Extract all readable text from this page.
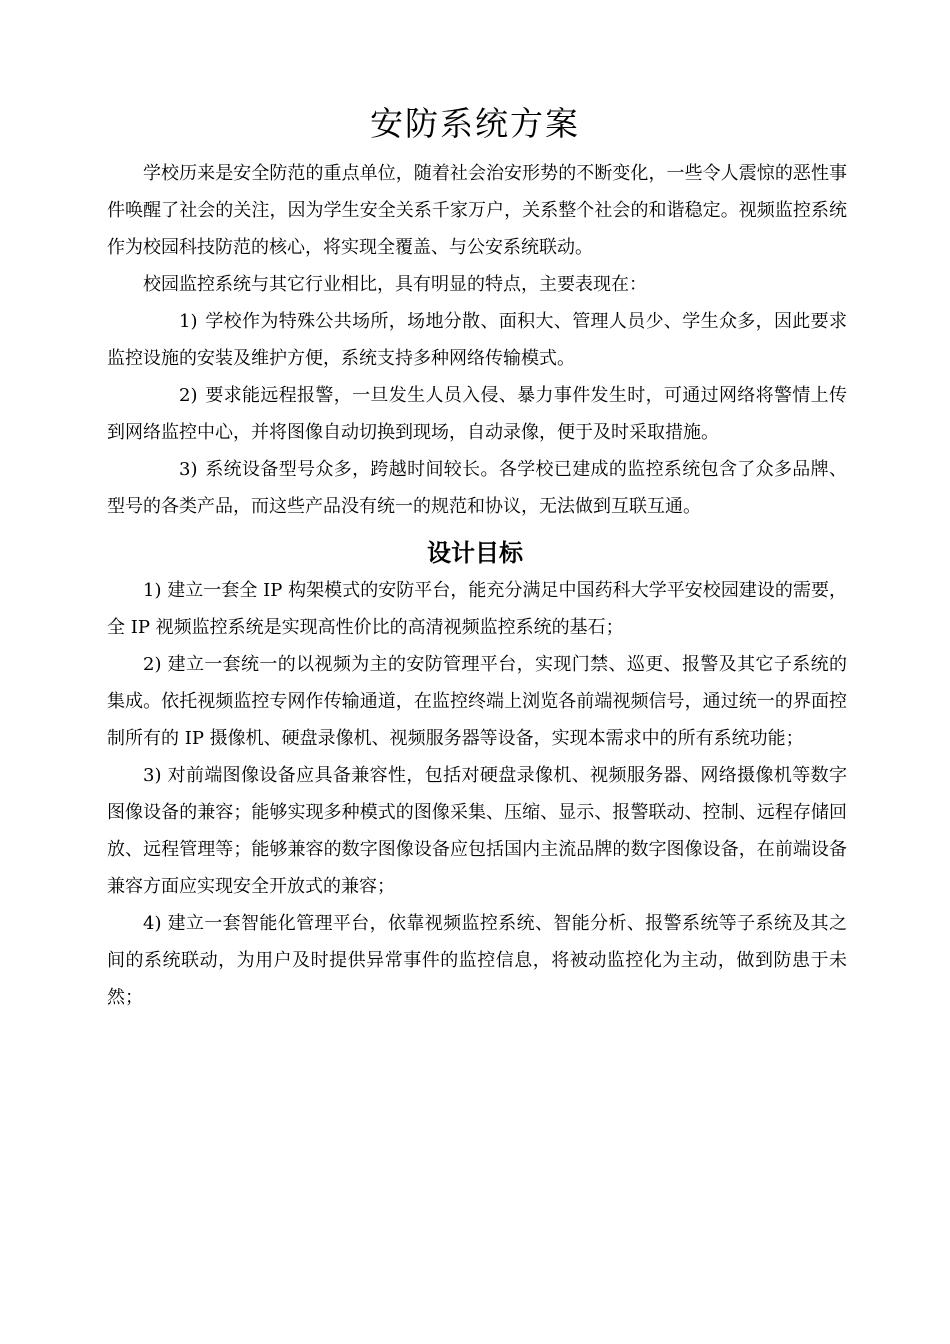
安防系统方案

学校历来是安全防范的重点单位，随着社会治安形势的不断变化，一些令人震惊的恶性事件唤醒了社会的关注，因为学生安全关系千家万户，关系整个社会的和谐稳定。视频监控系统作为校园科技防范的核心，将实现全覆盖、与公安系统联动。

校园监控系统与其它行业相比，具有明显的特点，主要表现在：

1) 学校作为特殊公共场所，场地分散、面积大、管理人员少、学生众多，因此要求监控设施的安装及维护方便，系统支持多种网络传输模式。

2) 要求能远程报警，一旦发生人员入侵、暴力事件发生时，可通过网络将警情上传到网络监控中心，并将图像自动切换到现场，自动录像，便于及时采取措施。

3) 系统设备型号众多，跨越时间较长。各学校已建成的监控系统包含了众多品牌、型号的各类产品，而这些产品没有统一的规范和协议，无法做到互联互通。

设计目标

1) 建立一套全 IP 构架模式的安防平台，能充分满足中国药科大学平安校园建设的需要，全 IP 视频监控系统是实现高性价比的高清视频监控系统的基石；

2) 建立一套统一的以视频为主的安防管理平台，实现门禁、巡更、报警及其它子系统的集成。依托视频监控专网作传输通道，在监控终端上浏览各前端视频信号，通过统一的界面控制所有的 IP 摄像机、硬盘录像机、视频服务器等设备，实现本需求中的所有系统功能；

3) 对前端图像设备应具备兼容性，包括对硬盘录像机、视频服务器、网络摄像机等数字图像设备的兼容；能够实现多种模式的图像采集、压缩、显示、报警联动、控制、远程存储回放、远程管理等；能够兼容的数字图像设备应包括国内主流品牌的数字图像设备，在前端设备兼容方面应实现安全开放式的兼容；

4) 建立一套智能化管理平台，依靠视频监控系统、智能分析、报警系统等子系统及其之间的系统联动，为用户及时提供异常事件的监控信息，将被动监控化为主动，做到防患于未然；
